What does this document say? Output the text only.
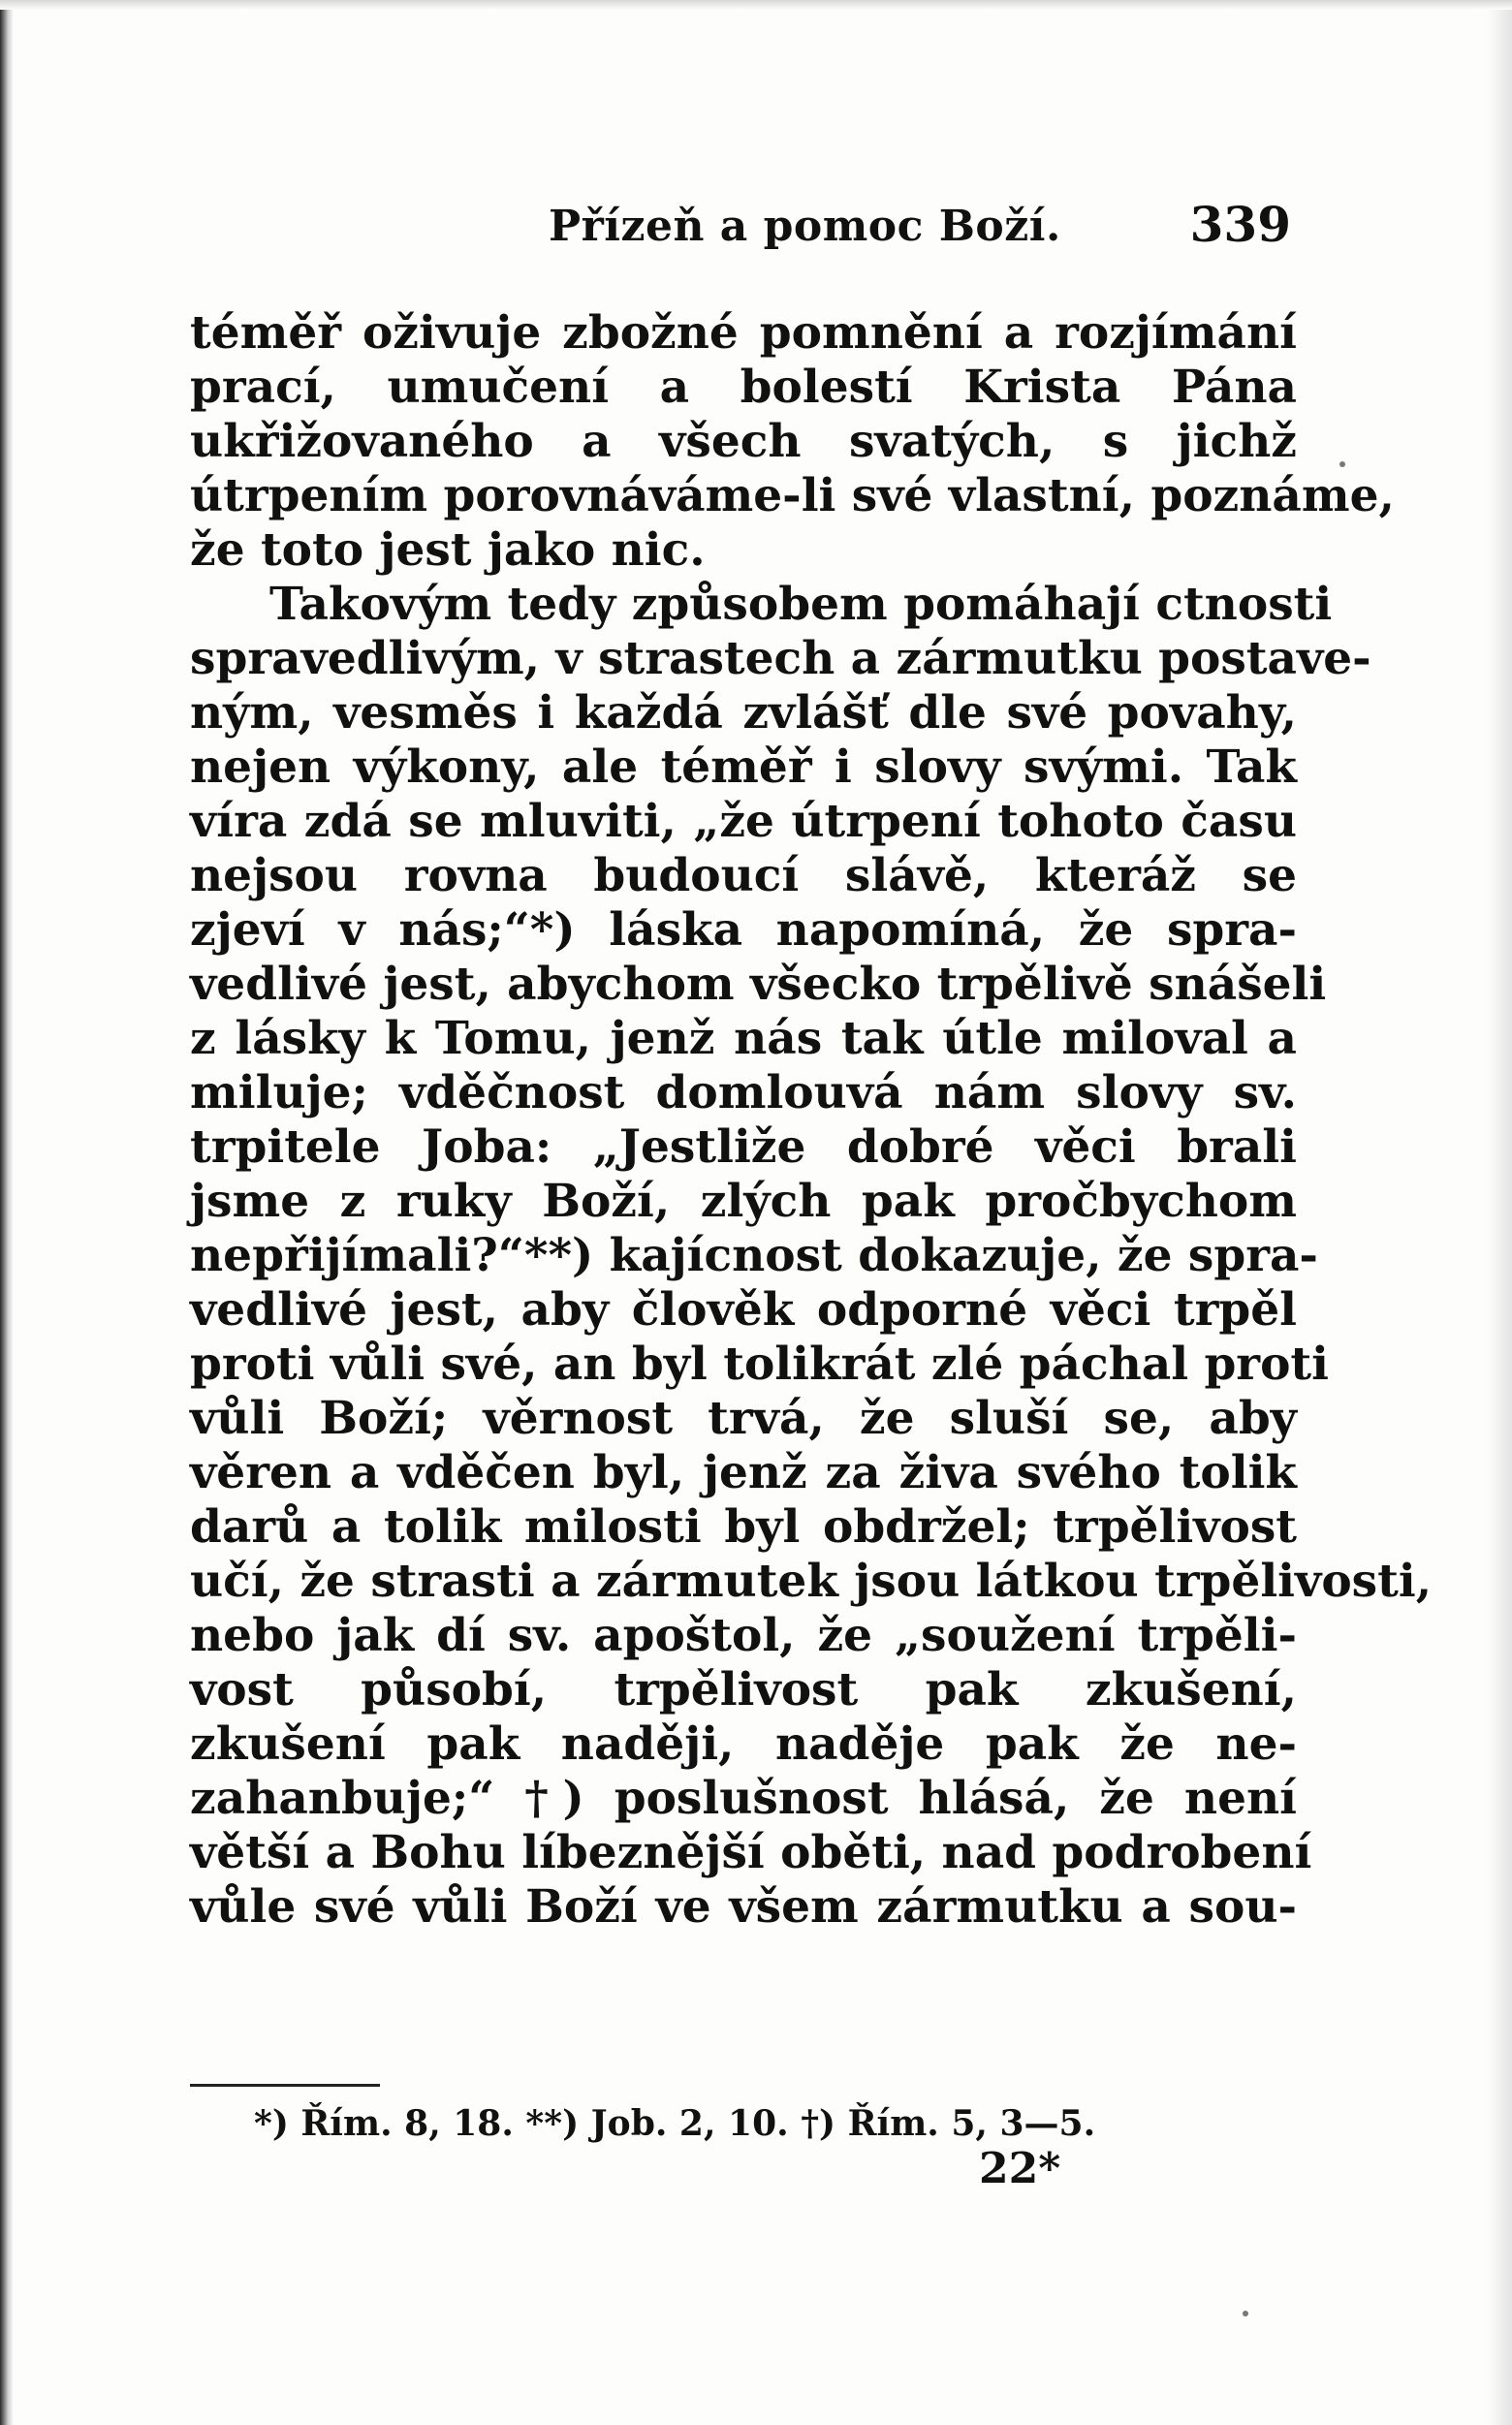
Přízeň a pomoc Boží.	339
téměř oživuje zbožné pomnění a rozjímání
prací, umučení a bolestí Krista Pána
ukřižovaného a všech svatých, s jichž
útrpením porovnáváme-li své vlastní, poznáme,
že toto jest jako nic.
Takovým tedy způsobem pomáhají ctnosti
spravedlivým, v strastech a zármutku postave-
ným, vesměs i každá zvlášť dle své povahy,
nejen výkony, ale téměř i slovy svými. Tak
víra zdá se mluviti, „že útrpení tohoto času
nejsou rovna budoucí slávě, kteráž se
zjeví v nás;“*) láska napomíná, že spra-
vedlivé jest, abychom všecko trpělivě snášeli
z lásky k Tomu, jenž nás tak útle miloval a
miluje; vděčnost domlouvá nám slovy sv.
trpitele Joba: „Jestliže dobré věci brali
jsme z ruky Boží, zlých pak pročbychom
nepřijímali?“**) kajícnost dokazuje, že spra-
vedlivé jest, aby člověk odporné věci trpěl
proti vůli své, an byl tolikrát zlé páchal proti
vůli Boží; věrnost trvá, že sluší se, aby
věren a vděčen byl, jenž za živa svého tolik
darů a tolik milosti byl obdržel; trpělivost
učí, že strasti a zármutek jsou látkou trpělivosti,
nebo jak dí sv. apoštol, že „soužení trpěli-
vost působí, trpělivost pak zkušení,
zkušení pak naději, naděje pak že ne-
zahanbuje;“ †) poslušnost hlásá, že není
větší a Bohu líbeznější oběti, nad podrobení
vůle své vůli Boží ve všem zármutku a sou-
*) Řím. 8, 18. **) Job. 2, 10. †) Řím. 5, 3—5.
22*
